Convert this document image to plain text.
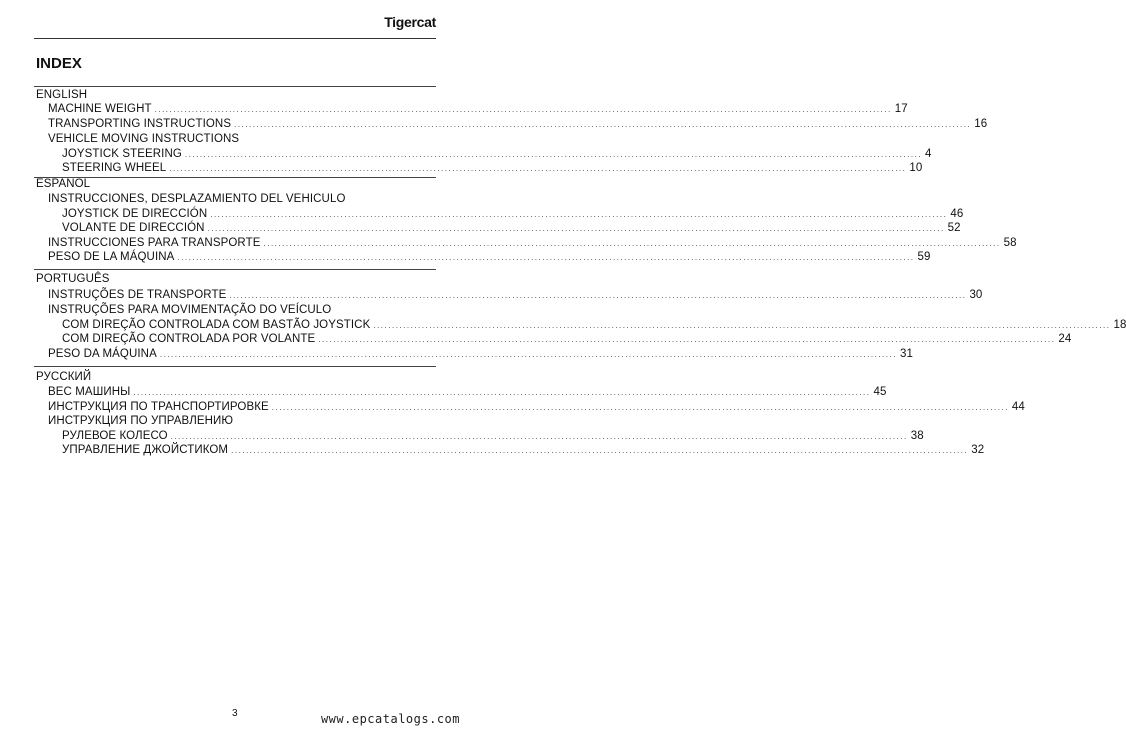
Tigercat
INDEX
ENGLISH
MACHINE WEIGHT .....	17
TRANSPORTING INSTRUCTIONS .....	16
VEHICLE MOVING INSTRUCTIONS
JOYSTICK STEERING .....	4
STEERING WHEEL .....	10
ESPANOL
INSTRUCCIONES, DESPLAZAMIENTO DEL VEHICULO
JOYSTICK DE DIRECCIÓN .....	46
VOLANTE DE DIRECCIÓN .....	52
INSTRUCCIONES PARA TRANSPORTE .....	58
PESO DE LA MÁQUINA .....	59
PORTUGUÊS
INSTRUÇÕES DE TRANSPORTE .....	30
INSTRUÇÕES PARA MOVIMENTAÇÃO DO VEÍCULO
COM DIREÇÃO CONTROLADA COM BASTÃO JOYSTICK .....	18
COM DIREÇÃO CONTROLADA POR VOLANTE .....	24
PESO DA MÁQUINA .....	31
РУССКИЙ
ВЕС МАШИНЫ .....	45
ИНСТРУКЦИЯ ПО ТРАНСПОРТИРОВКЕ .....	44
ИНСТРУКЦИЯ ПО УПРАВЛЕНИЮ
РУЛЕВОЕ КОЛЕСО .....	38
УПРАВЛЕНИЕ ДЖОЙСТИКОМ .....	32
3	www.epcatalogs.com
